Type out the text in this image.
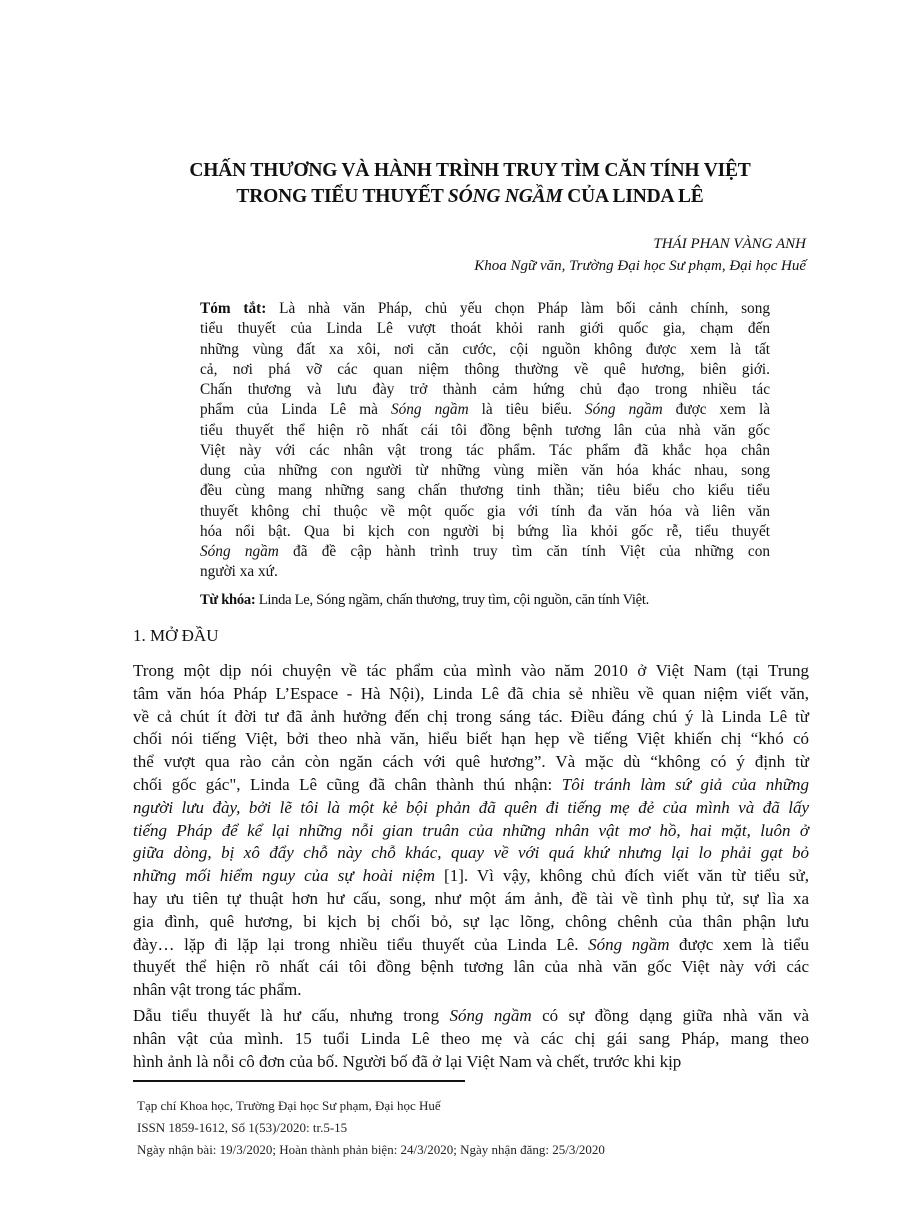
CHẤN THƯƠNG VÀ HÀNH TRÌNH TRUY TÌM CĂN TÍNH VIỆT
TRONG TIỂU THUYẾT SÓNG NGẦM CỦA LINDA LÊ
THÁI PHAN VÀNG ANH
Khoa Ngữ văn, Trường Đại học Sư phạm, Đại học Huế
Tóm tắt: Là nhà văn Pháp, chủ yếu chọn Pháp làm bối cảnh chính, song
tiểu thuyết của Linda Lê vượt thoát khỏi ranh giới quốc gia, chạm đến
những vùng đất xa xôi, nơi căn cước, cội nguồn không được xem là tất
cả, nơi phá vỡ các quan niệm thông thường về quê hương, biên giới.
Chấn thương và lưu đày trở thành cảm hứng chủ đạo trong nhiều tác
phẩm của Linda Lê mà Sóng ngầm là tiêu biểu. Sóng ngầm được xem là
tiểu thuyết thể hiện rõ nhất cái tôi đồng bệnh tương lân của nhà văn gốc
Việt này với các nhân vật trong tác phẩm. Tác phẩm đã khắc họa chân
dung của những con người từ những vùng miền văn hóa khác nhau, song
đều cùng mang những sang chấn thương tinh thần; tiêu biểu cho kiểu tiểu
thuyết không chỉ thuộc về một quốc gia với tính đa văn hóa và liên văn
hóa nổi bật. Qua bi kịch con người bị bứng lìa khỏi gốc rễ, tiểu thuyết
Sóng ngầm đã đề cập hành trình truy tìm căn tính Việt của những con
người xa xứ.
Từ khóa: Linda Le, Sóng ngầm, chấn thương, truy tìm, cội nguồn, căn tính Việt.
1. MỞ ĐẦU
Trong một dịp nói chuyện về tác phẩm của mình vào năm 2010 ở Việt Nam (tại Trung
tâm văn hóa Pháp L’Espace - Hà Nội), Linda Lê đã chia sẻ nhiều về quan niệm viết văn,
về cả chút ít đời tư đã ảnh hưởng đến chị trong sáng tác. Điều đáng chú ý là Linda Lê từ
chối nói tiếng Việt, bởi theo nhà văn, hiểu biết hạn hẹp về tiếng Việt khiến chị “khó có
thể vượt qua rào cản còn ngăn cách với quê hương”. Và mặc dù “không có ý định từ
chối gốc gác", Linda Lê cũng đã chân thành thú nhận: Tôi tránh làm sứ giả của những
người lưu đày, bởi lẽ tôi là một kẻ bội phản đã quên đi tiếng mẹ đẻ của mình và đã lấy
tiếng Pháp để kể lại những nỗi gian truân của những nhân vật mơ hồ, hai mặt, luôn ở
giữa dòng, bị xô đẩy chỗ này chỗ khác, quay về với quá khứ nhưng lại lo phải gạt bỏ
những mối hiểm nguy của sự hoài niệm [1]. Vì vậy, không chủ đích viết văn từ tiểu sử,
hay ưu tiên tự thuật hơn hư cấu, song, như một ám ảnh, đề tài về tình phụ tử, sự lìa xa
gia đình, quê hương, bi kịch bị chối bỏ, sự lạc lõng, chông chênh của thân phận lưu
đày… lặp đi lặp lại trong nhiều tiểu thuyết của Linda Lê. Sóng ngầm được xem là tiểu
thuyết thể hiện rõ nhất cái tôi đồng bệnh tương lân của nhà văn gốc Việt này với các
nhân vật trong tác phẩm.
Dẫu tiểu thuyết là hư cấu, nhưng trong Sóng ngầm có sự đồng dạng giữa nhà văn và
nhân vật của mình. 15 tuổi Linda Lê theo mẹ và các chị gái sang Pháp, mang theo
hình ảnh là nỗi cô đơn của bố. Người bố đã ở lại Việt Nam và chết, trước khi kịp
Tạp chí Khoa học, Trường Đại học Sư phạm, Đại học Huế
ISSN 1859-1612, Số 1(53)/2020: tr.5-15
Ngày nhận bài: 19/3/2020; Hoàn thành phản biện: 24/3/2020; Ngày nhận đăng: 25/3/2020
